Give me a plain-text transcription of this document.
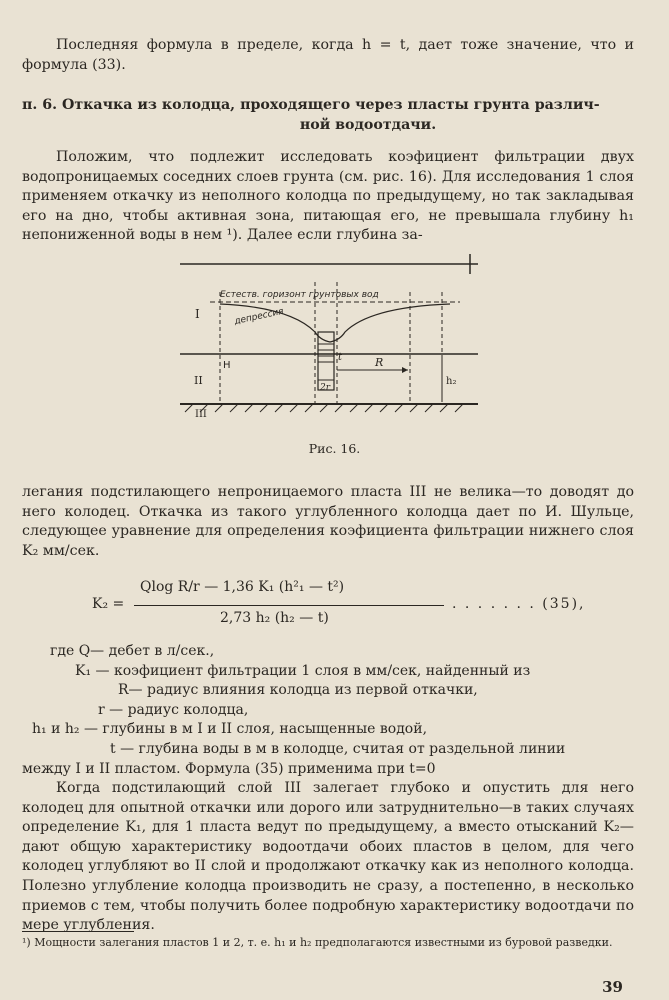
Последняя формула в пределе, когда h = t, дает тоже значение, что и формула (33).

п. 6. Откачка из колодца, проходящего через пласты грунта различ-
ной водоотдачи.

Положим, что подлежит исследовать коэфициент фильтрации двух водопроницаемых соседних слоев грунта (см. рис. 16). Для исследования 1 слоя применяем откачку из неполного колодца по предыдущему, но так закладывая его на дно, чтобы активная зона, питающая его, не превышала глубину h₁ непониженной воды в нем ¹). Далее если глубина за-

Естеств. горизонт грунтовых вод
депрессия
I
II
III
H
t
2r
R
h₂
Рис. 16.

легания подстилающего непроницаемого пласта III не велика—то доводят до него колодец. Откачка из такого углубленного колодца дает по И. Шульце, следующее уравнение для определения коэфициента фильтрации нижнего слоя K₂ мм/сек.

K₂ =
Qlog R/r — 1,36 K₁ (h²₁ — t²)
2,73 h₂ (h₂ — t)
. . . . . . . (35),
где Q— дебет в л/сек.,
K₁ — коэфициент фильтрации 1 слоя в мм/сек, найденный из
R— радиус влияния колодца из первой откачки,
r — радиус колодца,
h₁ и h₂ — глубины в м I и II слоя, насыщенные водой,
t — глубина воды в м в колодце, считая от раздельной линии
между I и II пластом. Формула (35) применима при t=0

Когда подстилающий слой III залегает глубоко и опустить для него колодец для опытной откачки или дорого или затруднительно—в таких случаях определение K₁, для 1 пласта ведут по предыдущему, а вместо отысканий K₂—дают общую характеристику водоотдачи обоих пластов в целом, для чего колодец углубляют во II слой и продолжают откачку как из неполного колодца. Полезно углубление колодца производить не сразу, а постепенно, в несколько приемов с тем, чтобы получить более подробную характеристику водоотдачи по мере углубления.

¹) Мощности залегания пластов 1 и 2, т. е. h₁ и h₂ предполагаются известными из буровой разведки.
39
